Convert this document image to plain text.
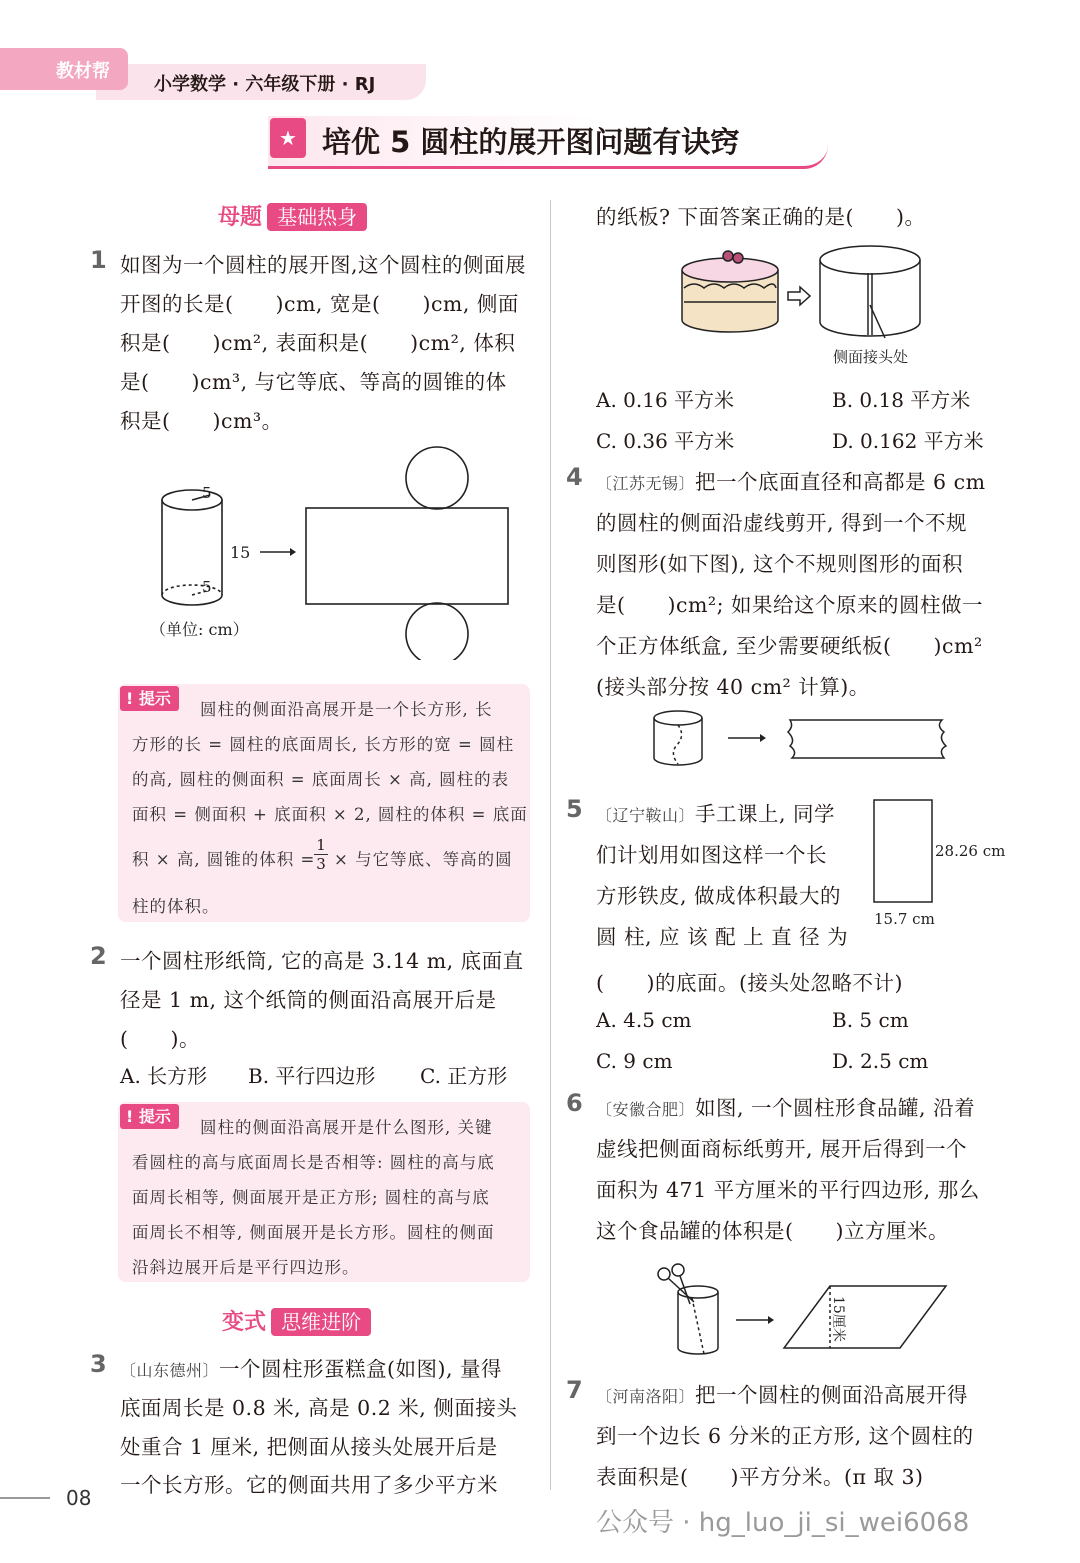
小学数学 · 六年级下册 · RJ
教材帮
★ 培优 5 圆柱的展开图问题有诀窍
母题 基础热身
1 如图为一个圆柱的展开图,这个圆柱的侧面展
开图的长是(　　)cm, 宽是(　　)cm, 侧面
积是(　　)cm², 表面积是(　　)cm², 体积
是(　　)cm³, 与它等底、等高的圆锥的体
积是(　　)cm³。
5
5
15
（单位: cm）
! 提示
圆柱的侧面沿高展开是一个长方形, 长
方形的长 = 圆柱的底面周长, 长方形的宽 = 圆柱
的高, 圆柱的侧面积 = 底面周长 × 高, 圆柱的表
面积 = 侧面积 + 底面积 × 2, 圆柱的体积 = 底面
积 × 高, 圆锥的体积 =
$\frac{1}{3}$ × 与它等底、等高的圆
柱的体积。
2 一个圆柱形纸筒, 它的高是 3.14 m, 底面直
径是 1 m, 这个纸筒的侧面沿高展开后是
(　　)。
A. 长方形 B. 平行四边形 C. 正方形
! 提示
圆柱的侧面沿高展开是什么图形, 关键
看圆柱的高与底面周长是否相等: 圆柱的高与底
面周长相等, 侧面展开是正方形; 圆柱的高与底
面周长不相等, 侧面展开是长方形。圆柱的侧面
沿斜边展开后是平行四边形。
变式 思维进阶
3 〔山东德州〕一个圆柱形蛋糕盒(如图), 量得
底面周长是 0.8 米, 高是 0.2 米, 侧面接头
处重合 1 厘米, 把侧面从接头处展开后是
一个长方形。它的侧面共用了多少平方米
的纸板? 下面答案正确的是(　　)。
侧面接头处
A. 0.16 平方米	B. 0.18 平方米
C. 0.36 平方米	D. 0.162 平方米
4 〔江苏无锡〕把一个底面直径和高都是 6 cm
的圆柱的侧面沿虚线剪开, 得到一个不规
则图形(如下图), 这个不规则图形的面积
是(　　)cm²; 如果给这个原来的圆柱做一
个正方体纸盒, 至少需要硬纸板(　　)cm²
(接头部分按 40 cm² 计算)。
5 〔辽宁鞍山〕手工课上, 同学
们计划用如图这样一个长
方形铁皮, 做成体积最大的
圆 柱, 应 该 配 上 直 径 为
(　　)的底面。(接头处忽略不计)
28.26 cm
15.7 cm
A. 4.5 cm	B. 5 cm
C. 9 cm	D. 2.5 cm
6 〔安徽合肥〕如图, 一个圆柱形食品罐, 沿着
虚线把侧面商标纸剪开, 展开后得到一个
面积为 471 平方厘米的平行四边形, 那么
这个食品罐的体积是(　　)立方厘米。
15厘米
7 〔河南洛阳〕把一个圆柱的侧面沿高展开得
到一个边长 6 分米的正方形, 这个圆柱的
表面积是(　　)平方分米。(π 取 3)
08
公众号 · hg_luo_ji_si_wei6068
